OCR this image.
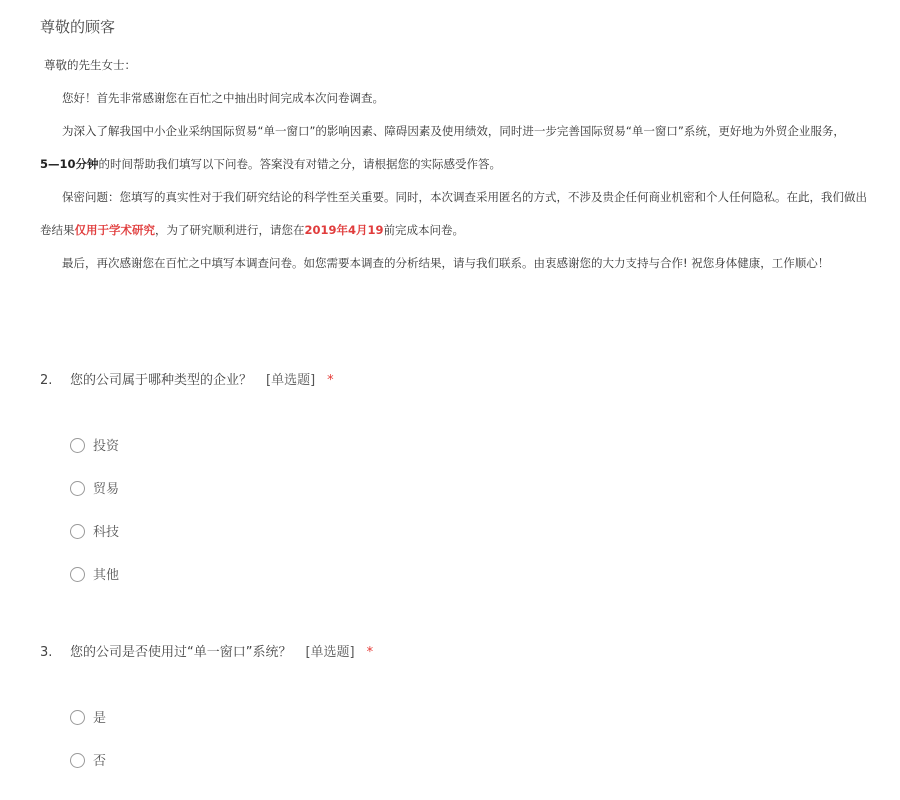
尊敬的顾客

尊敬的先生女士：

您好！首先非常感谢您在百忙之中抽出时间完成本次问卷调查。

为深入了解我国中小企业采纳国际贸易“单一窗口”的影响因素、障碍因素及使用绩效，同时进一步完善国际贸易“单一窗口”系统，更好地为外贸企业服务，

5—10分钟的时间帮助我们填写以下问卷。答案没有对错之分，请根据您的实际感受作答。

保密问题：您填写的真实性对于我们研究结论的科学性至关重要。同时，本次调查采用匿名的方式，不涉及贵企任何商业机密和个人任何隐私。在此，我们做出

卷结果仅用于学术研究，为了研究顺利进行，请您在2019年4月19前完成本问卷。

最后，再次感谢您在百忙之中填写本调查问卷。如您需要本调查的分析结果，请与我们联系。由衷感谢您的大力支持与合作! 祝您身体健康，工作顺心！

2. 您的公司属于哪种类型的企业？ [单选题] *
投资
贸易
科技
其他
3. 您的公司是否使用过“单一窗口”系统？ [单选题] *
是
否
